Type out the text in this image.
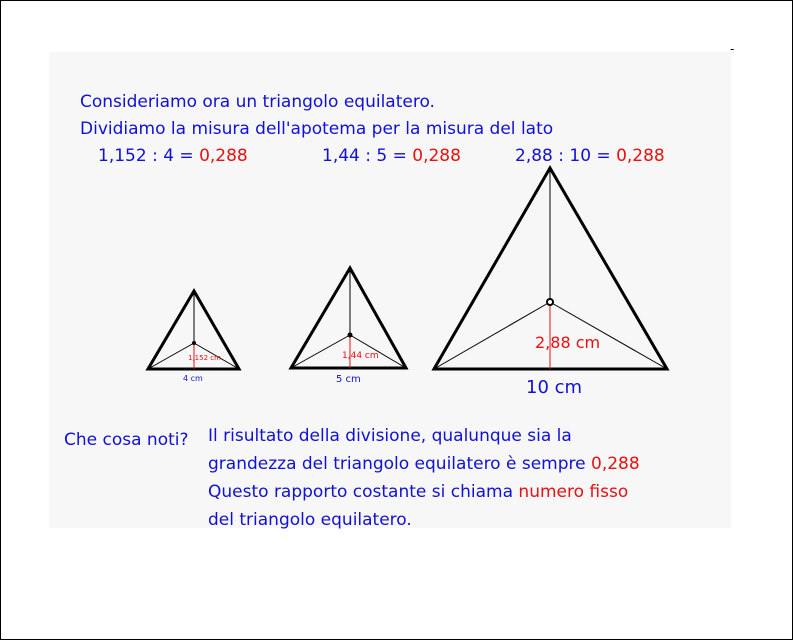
-
Consideriamo ora un triangolo equilatero.
Dividiamo la misura dell'apotema per la misura del lato
1,152 : 4 = 0,288	1,44 : 5 = 0,288	2,88 : 10 = 0,288
1,152 cm
4 cm
1,44 cm
5 cm
2,88 cm
10 cm
Che cosa noti? Il risultato della divisione, qualunque sia la
grandezza del triangolo equilatero è sempre 0,288
Questo rapporto costante si chiama numero fisso
del triangolo equilatero.
